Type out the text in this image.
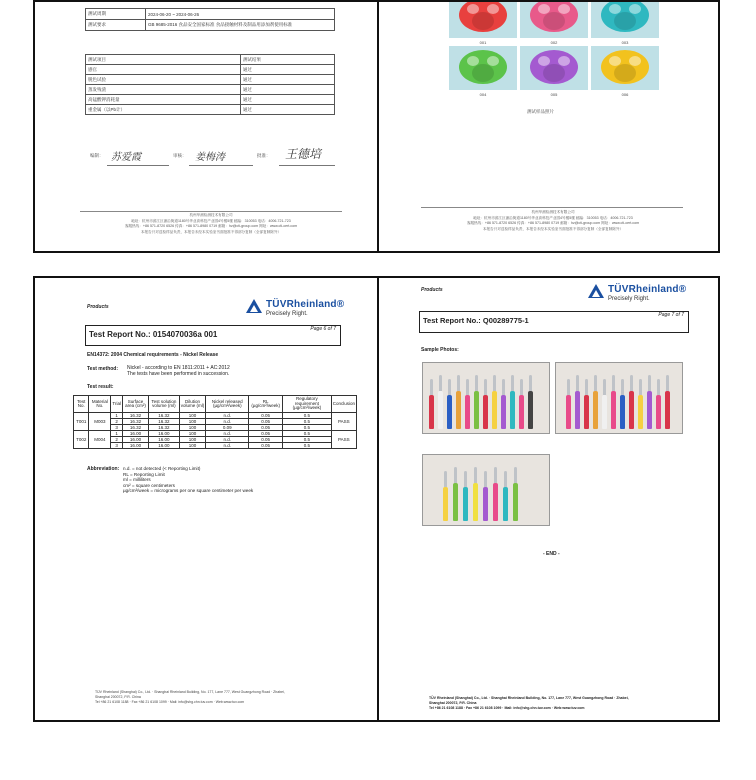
测试周期	2024-06-20 ~ 2024-06-26
测试要求	GB 9685-2016 食品安全国家标准 食品接触材料及制品用添加剂使用标准
测试项目	测试结果
感官	通过
脱色试验	通过
蒸发残渣	通过
高锰酸钾消耗量	通过
重金属（以Pb计）	通过
编制： 苏爱霞	审核： 姜梅涛	批准： 王德培
杭州华测检测技术有限公司
地址：杭州市滨江区浦沿街道1180号华业高科技产业园4号楼5楼 邮编：310053 电话：4006-721-723
客服热线：+86 571-8720 6526 传真：+86 571-8980 0719 邮箱：hz@cti-group.com 网址：www.cti-cert.com
本报告只对送检样品负责，本报告未经本实验室书面批准不得部分复制（全部复制除外）
001	002	003
004	005	006
测试样品照片
杭州华测检测技术有限公司
地址：杭州市滨江区浦沿街道1180号华业高科技产业园4号楼5楼 邮编：310053 电话：4006-721-723
客服热线：+86 571-8720 6526 传真：+86 571-8980 0719 邮箱：hz@cti-group.com 网址：www.cti-cert.com
本报告只对送检样品负责，本报告未经本实验室书面批准不得部分复制（全部复制除外）
Products	TÜVRheinland®
Precisely Right.
Test Report No.: 0154070036a 001
Page 6 of 7
EN14372: 2004 Chemical requirements - Nickel Release
Test method: Nickel - according to EN 1811:2011 + AC:2012
The tests have been performed in succession.
Test result:
Test No.	Material No.	Trial	Surface area (cm²)	Test solution volume (ml)	Dilution volume (ml)	Nickel released (µg/cm²/week)	RL (µg/cm²/week)	Regulatory requirement (µg/cm²/week)	Conclusion
T001	M003	1	16.32	16.32	100	n.d.	0.05	0.5	PASS
		2	16.32	16.32	100	n.d.	0.05	0.5	
		3	16.32	16.32	100	0.09	0.05	0.5	
T002	M004	1	16.00	16.00	100	n.d.	0.05	0.5	PASS
		2	16.00	16.00	100	n.d.	0.05	0.5	
		3	16.00	16.00	100	n.d.	0.05	0.5	
Abbreviation: n.d. = not detected (< Reporting Limit)
RL = Reporting Limit
ml = milliliters
cm² = square centimeters
µg/cm²/week = micrograms per one square centimeter per week
TÜV Rheinland (Shanghai) Co., Ltd. · Shanghai Rheinland Building, No. 177, Lane 777, West Guangzhong Road · Zhabei,
Shanghai 200072, P.R. China
Tel +86 21 6108 1188 · Fax +86 21 6108 1099 · Mail: info@shg.chn.tuv.com · Web:www.tuv.com
Products	TÜVRheinland®
Precisely Right.
Test Report No.: Q00289775-1
Page 7 of 7
Sample Photos:
- END -
TÜV Rheinland (Shanghai) Co., Ltd. · Shanghai Rheinland Building, No. 177, Lane 777, West Guangzhong Road · Zhabei,
Shanghai 200072, P.R. China
Tel +86 21 6108 1188 · Fax +86 21 6108 1099 · Mail: info@shg.chn.tuv.com · Web:www.tuv.com
